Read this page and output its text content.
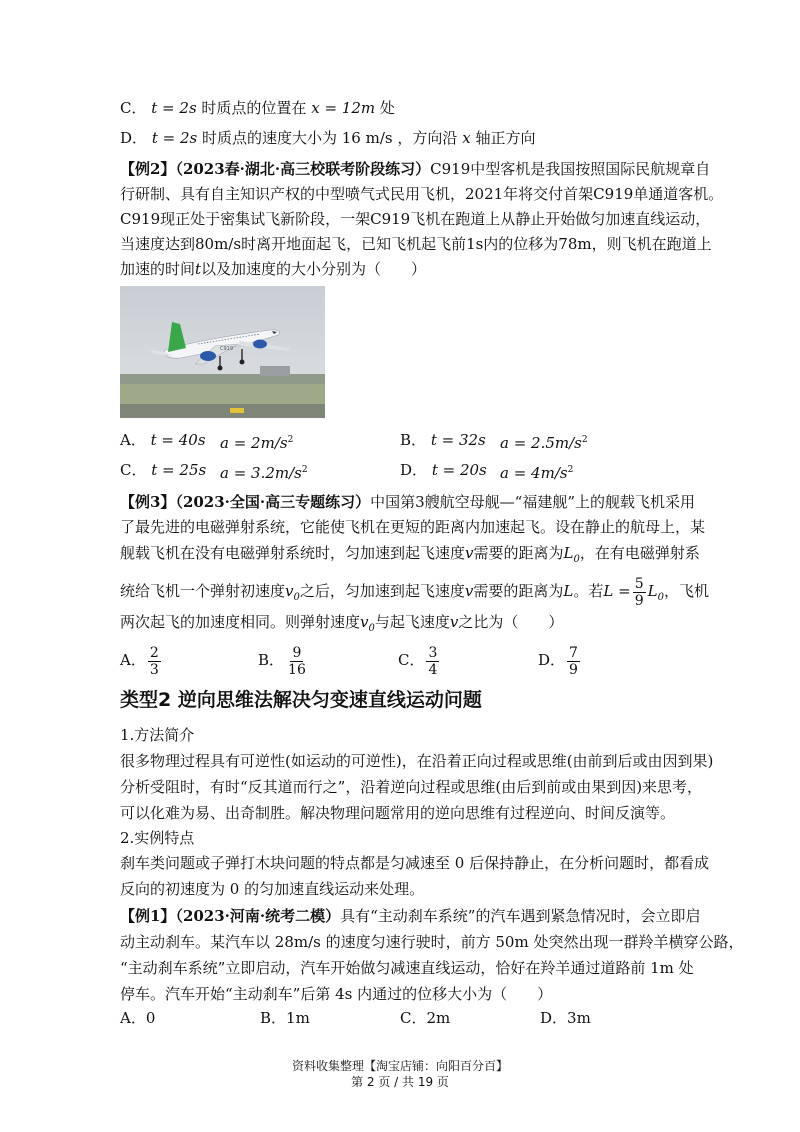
C． t = 2s 时质点的位置在 x = 12m 处
D． t = 2s 时质点的速度大小为 16 m/s ，方向沿 x 轴正方向
【例2】（2023春·湖北·高三校联考阶段练习）C919中型客机是我国按照国际民航规章自
行研制、具有自主知识产权的中型喷气式民用飞机，2021年将交付首架C919单通道客机。
C919现正处于密集试飞新阶段，一架C919飞机在跑道上从静止开始做匀加速直线运动，
当速度达到80m/s时离开地面起飞，已知飞机起飞前1s内的位移为78m，则飞机在跑道上
加速的时间t以及加速度的大小分别为（　　）
C919
A． t = 40s $a = 2m/s^2$	B． t = 32s $a = 2.5m/s^2$
C． t = 25s $a = 3.2m/s^2$	D． t = 20s $a = 4m/s^2$
【例3】（2023·全国·高三专题练习）中国第3艘航空母舰—“福建舰”上的舰载飞机采用
了最先进的电磁弹射系统，它能使飞机在更短的距离内加速起飞。设在静止的航母上，某
舰载飞机在没有电磁弹射系统时，匀加速到起飞速度v需要的距离为$L_0$，在有电磁弹射系
统给飞机一个弹射初速度$v_0$之后，匀加速到起飞速度v需要的距离为L。若$L = \frac{5}{9} L_0$，飞机
两次起飞的加速度相同。则弹射速度$v_0$与起飞速度v之比为（　　）
A． $\frac{2}{3}$	B． $\frac{9}{16}$	C． $\frac{3}{4}$	D． $\frac{7}{9}$
类型2 逆向思维法解决匀变速直线运动问题
1.方法简介
很多物理过程具有可逆性(如运动的可逆性)，在沿着正向过程或思维(由前到后或由因到果)
分析受阻时，有时“反其道而行之”，沿着逆向过程或思维(由后到前或由果到因)来思考，
可以化难为易、出奇制胜。解决物理问题常用的逆向思维有过程逆向、时间反演等。
2.实例特点
刹车类问题或子弹打木块问题的特点都是匀减速至 0 后保持静止，在分析问题时，都看成
反向的初速度为 0 的匀加速直线运动来处理。
【例1】（2023·河南·统考二模）具有“主动刹车系统”的汽车遇到紧急情况时，会立即启
动主动刹车。某汽车以 28m/s 的速度匀速行驶时，前方 50m 处突然出现一群羚羊横穿公路，
“主动刹车系统”立即启动，汽车开始做匀减速直线运动，恰好在羚羊通过道路前 1m 处
停车。汽车开始“主动刹车”后第 4s 内通过的位移大小为（　　）
A．0	B．1m	C．2m	D．3m
资料收集整理【淘宝店铺：向阳百分百】
第 2 页 / 共 19 页
